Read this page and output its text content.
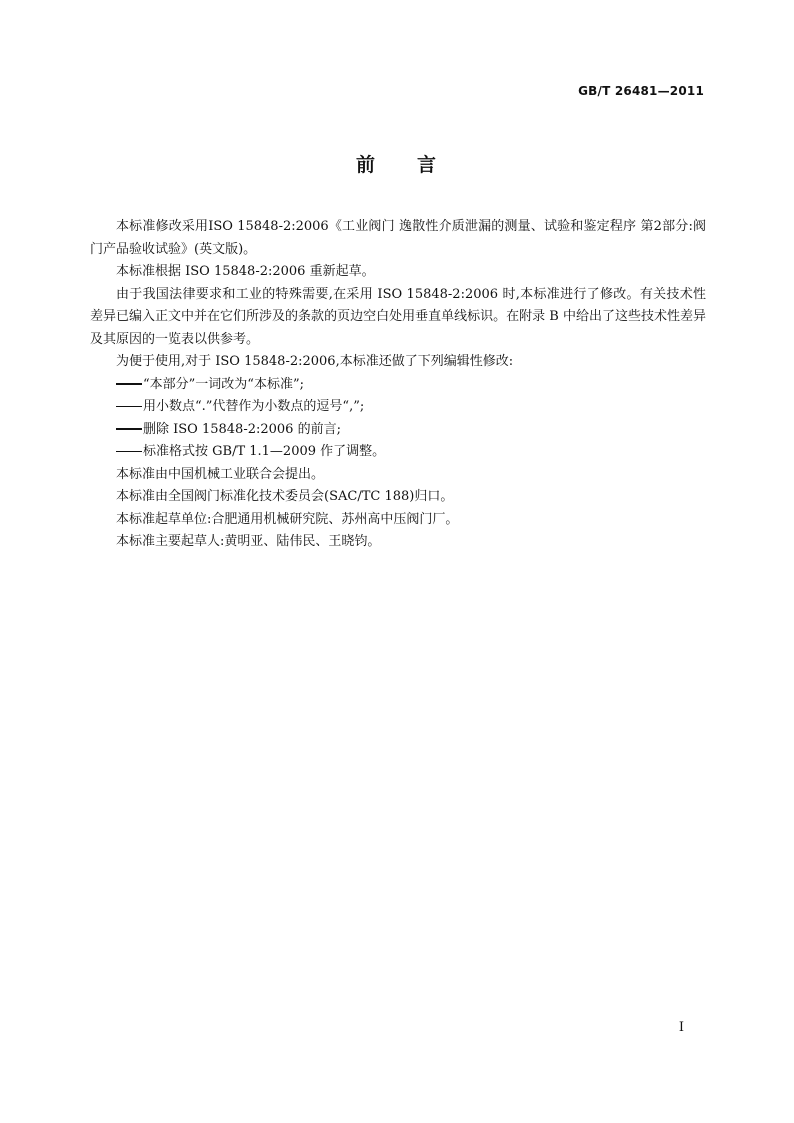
GB/T 26481—2011
前 言

本标准修改采用ISO 15848-2:2006《工业阀门 逸散性介质泄漏的测量、试验和鉴定程序 第2部分:阀门产品验收试验》(英文版)。

本标准根据 ISO 15848-2:2006 重新起草。

由于我国法律要求和工业的特殊需要,在采用 ISO 15848-2:2006 时,本标准进行了修改。有关技术性差异已编入正文中并在它们所涉及的条款的页边空白处用垂直单线标识。在附录 B 中给出了这些技术性差异及其原因的一览表以供参考。

为便于使用,对于 ISO 15848-2:2006,本标准还做了下列编辑性修改:

“本部分”一词改为“本标准”;

用小数点“.”代替作为小数点的逗号“,”;

删除 ISO 15848-2:2006 的前言;

标准格式按 GB/T 1.1—2009 作了调整。

本标准由中国机械工业联合会提出。

本标准由全国阀门标准化技术委员会(SAC/TC 188)归口。

本标准起草单位:合肥通用机械研究院、苏州高中压阀门厂。

本标准主要起草人:黄明亚、陆伟民、王晓钧。

I
